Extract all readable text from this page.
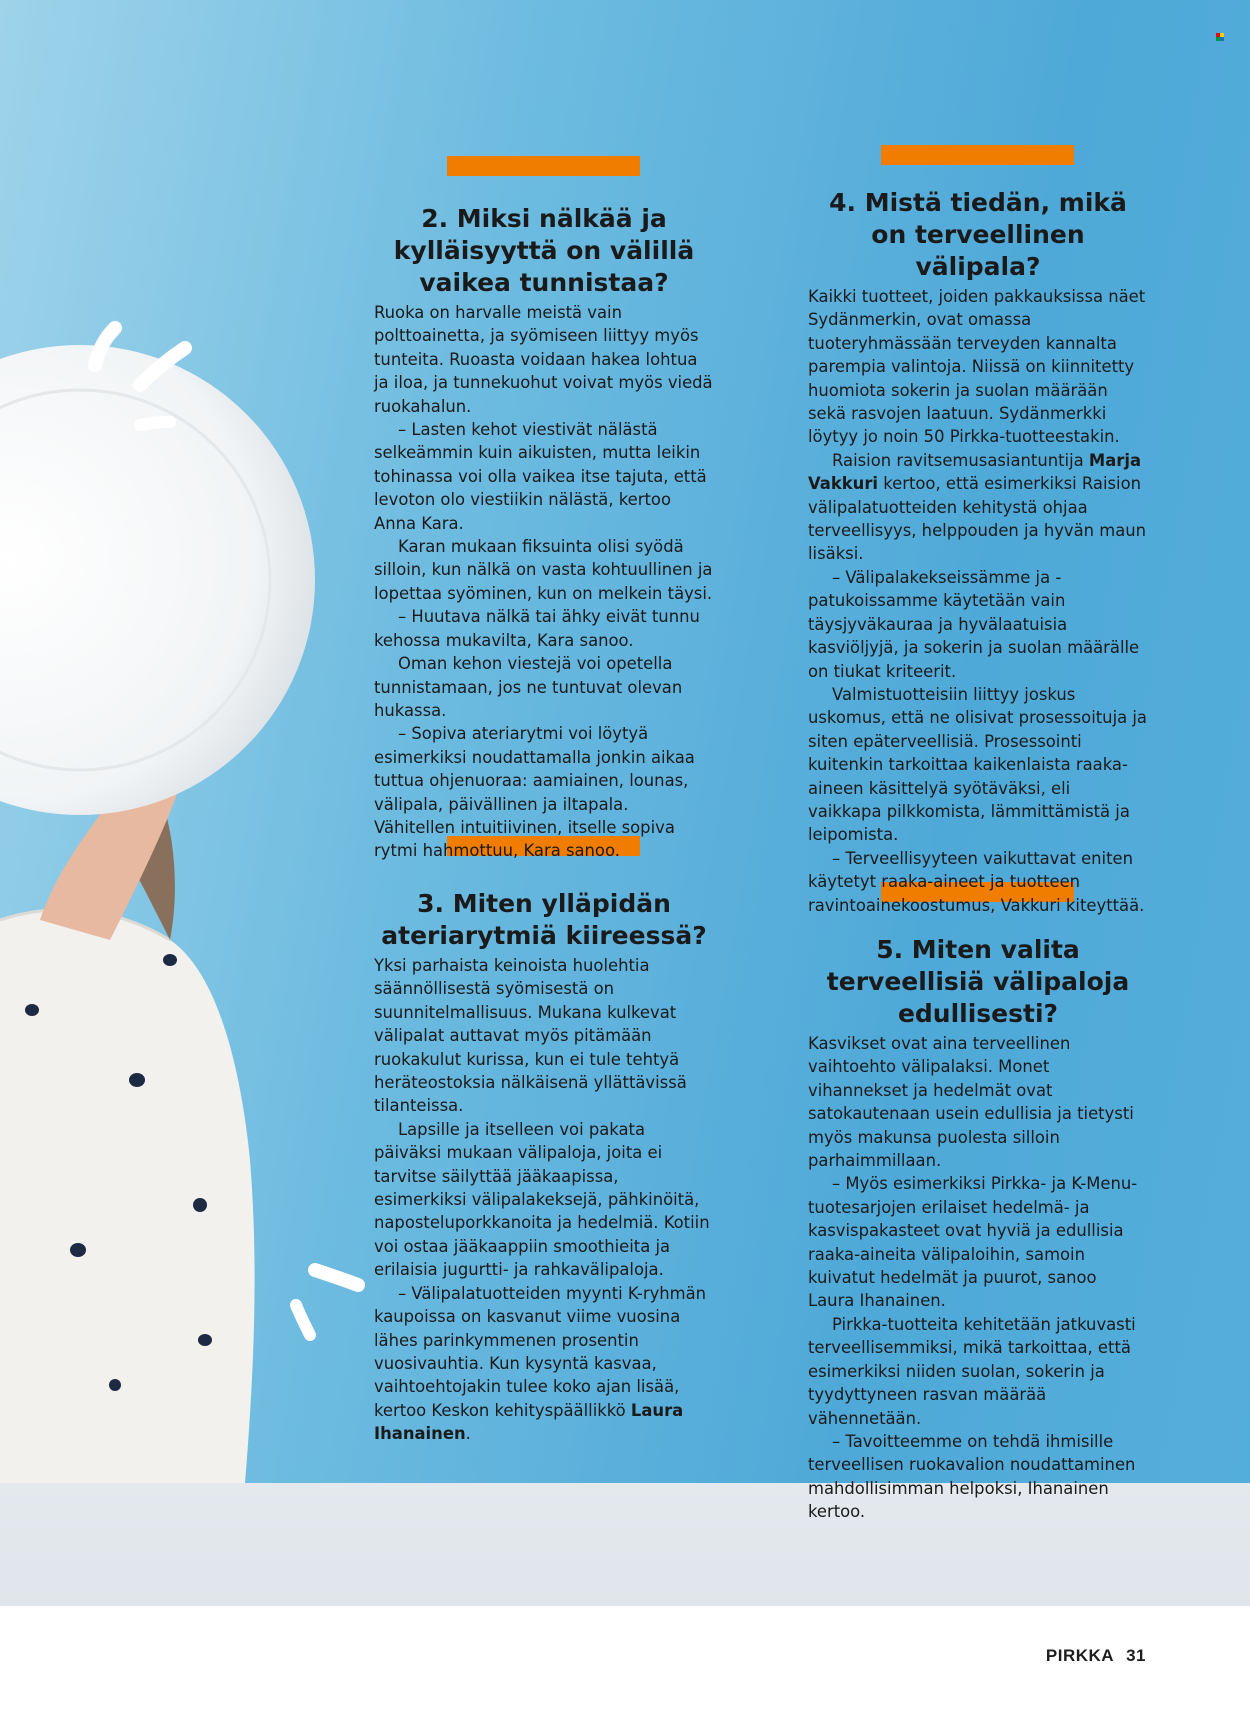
2. Miksi nälkää ja kylläisyyttä on välillä vaikea tunnistaa?

Ruoka on harvalle meistä vain polttoainetta, ja syömiseen liittyy myös tunteita. Ruoasta voidaan hakea lohtua ja iloa, ja tunnekuohut voivat myös viedä ruokahalun.

– Lasten kehot viestivät nälästä selkeämmin kuin aikuisten, mutta leikin tohinassa voi olla vaikea itse tajuta, että levoton olo viestiikin nälästä, kertoo Anna Kara.

Karan mukaan fiksuinta olisi syödä silloin, kun nälkä on vasta kohtuullinen ja lopettaa syöminen, kun on melkein täysi.

– Huutava nälkä tai ähky eivät tunnu kehossa mukavilta, Kara sanoo.

Oman kehon viestejä voi opetella tunnistamaan, jos ne tuntuvat olevan hukassa.

– Sopiva ateriarytmi voi löytyä esimerkiksi noudattamalla jonkin aikaa tuttua ohjenuoraa: aamiainen, lounas, välipala, päivällinen ja iltapala. Vähitellen intuitiivinen, itselle sopiva rytmi hahmottuu, Kara sanoo.

3. Miten ylläpidän ateriarytmiä kiireessä?

Yksi parhaista keinoista huolehtia säännöllisestä syömisestä on suunnitelmallisuus. Mukana kulkevat välipalat auttavat myös pitämään ruokakulut kurissa, kun ei tule tehtyä heräteostoksia nälkäisenä yllättävissä tilanteissa.

Lapsille ja itselleen voi pakata päiväksi mukaan välipaloja, joita ei tarvitse säilyttää jääkaapissa, esimerkiksi välipalakeksejä, pähkinöitä, naposteluporkkanoita ja hedelmiä. Kotiin voi ostaa jääkaappiin smoothieita ja erilaisia jugurtti- ja rahkavälipaloja.

– Välipalatuotteiden myynti K-ryhmän kaupoissa on kasvanut viime vuosina lähes parinkymmenen prosentin vuosivauhtia. Kun kysyntä kasvaa, vaihtoehtojakin tulee koko ajan lisää, kertoo Keskon kehityspäällikkö Laura Ihanainen.

4. Mistä tiedän, mikä on terveellinen välipala?

Kaikki tuotteet, joiden pakkauksissa näet Sydänmerkin, ovat omassa tuoteryhmässään terveyden kannalta parempia valintoja. Niissä on kiinnitetty huomiota sokerin ja suolan määrään sekä rasvojen laatuun. Sydänmerkki löytyy jo noin 50 Pirkka-tuotteestakin.

Raision ravitsemusasiantuntija Marja Vakkuri kertoo, että esimerkiksi Raision välipalatuotteiden kehitystä ohjaa terveellisyys, helppouden ja hyvän maun lisäksi.

– Välipalakekseissämme ja -patukoissamme käytetään vain täysjyväkauraa ja hyvälaatuisia kasviöljyjä, ja sokerin ja suolan määrälle on tiukat kriteerit.

Valmistuotteisiin liittyy joskus uskomus, että ne olisivat prosessoituja ja siten epäterveellisiä. Prosessointi kuitenkin tarkoittaa kaikenlaista raaka-aineen käsittelyä syötäväksi, eli vaikkapa pilkkomista, lämmittämistä ja leipomista.

– Terveellisyyteen vaikuttavat eniten käytetyt raaka-aineet ja tuotteen ravintoainekoostumus, Vakkuri kiteyttää.

5. Miten valita terveellisiä välipaloja edullisesti?

Kasvikset ovat aina terveellinen vaihtoehto välipalaksi. Monet vihannekset ja hedelmät ovat satokautenaan usein edullisia ja tietysti myös makunsa puolesta silloin parhaimmillaan.

– Myös esimerkiksi Pirkka- ja K-Menu-tuotesarjojen erilaiset hedelmä- ja kasvispakasteet ovat hyviä ja edullisia raaka-aineita välipaloihin, samoin kuivatut hedelmät ja puurot, sanoo Laura Ihanainen.

Pirkka-tuotteita kehitetään jatkuvasti terveellisemmiksi, mikä tarkoittaa, että esimerkiksi niiden suolan, sokerin ja tyydyttyneen rasvan määrää vähennetään.

– Tavoitteemme on tehdä ihmisille terveellisen ruokavalion noudattaminen mahdollisimman helpoksi, Ihanainen kertoo.

PIRKKA 31
